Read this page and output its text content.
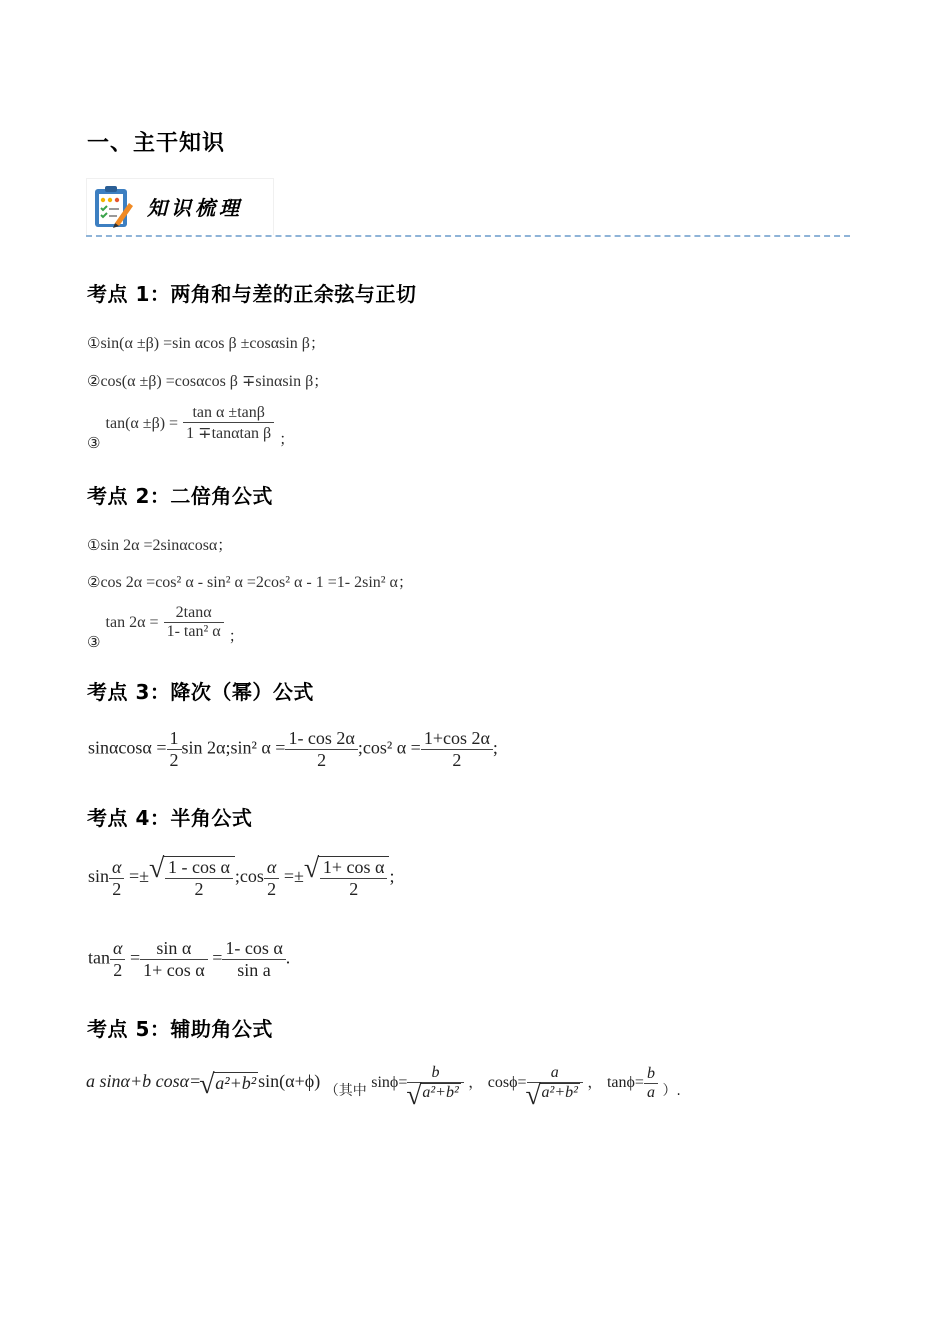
一、主干知识
知识梳理
考点 1：两角和与差的正余弦与正切
①sin(α ±β) =sin αcos β ±cosαsin β；
②cos(α ±β) =cosαcos β ∓sinαsin β；
③ $\tan(\alpha \pm\beta) = \frac{\text{tan α ±tanβ}}{\text{1 ∓tanαtan β}}$ ；
考点 2：二倍角公式
①sin 2α =2sinαcosα；
②cos 2α =cos² α - sin² α =2cos² α - 1 =1- 2sin² α；
③ $\tan 2\alpha = \frac{2\tan\alpha}{\text{1- tan² α}}$ ；
考点 3：降次（幂）公式
$\sin\alpha\cos\alpha = \frac{1}{2}$ sin 2α;sin² $\alpha = \frac{1- \cos 2\alpha}{2}$ ;cos² $\alpha = \frac{1+\cos 2\alpha}{2}$ ;
考点 4：半角公式
$\sin \frac{\alpha}{2}$ =± √ $\frac{\text{1 - cos α}}{2}$ ;cos $\frac{\alpha}{2}$ =± √ $\frac{\text{1+ cos α}}{2}$ ;
$\tan \frac{\alpha}{2} = \frac{\text{sin α}}{\text{1+ cos α}} = \frac{\text{1- cos α}}{\text{sin a}}$ .
考点 5：辅助角公式
a sinα+b cosα= √ a²+b² sin(α+ϕ) $_{(其中}$ sinϕ= b
√ a²+b² ， cosϕ= a
√ a²+b² ， $\tan\phi= \frac{b}{a} _{).}$
